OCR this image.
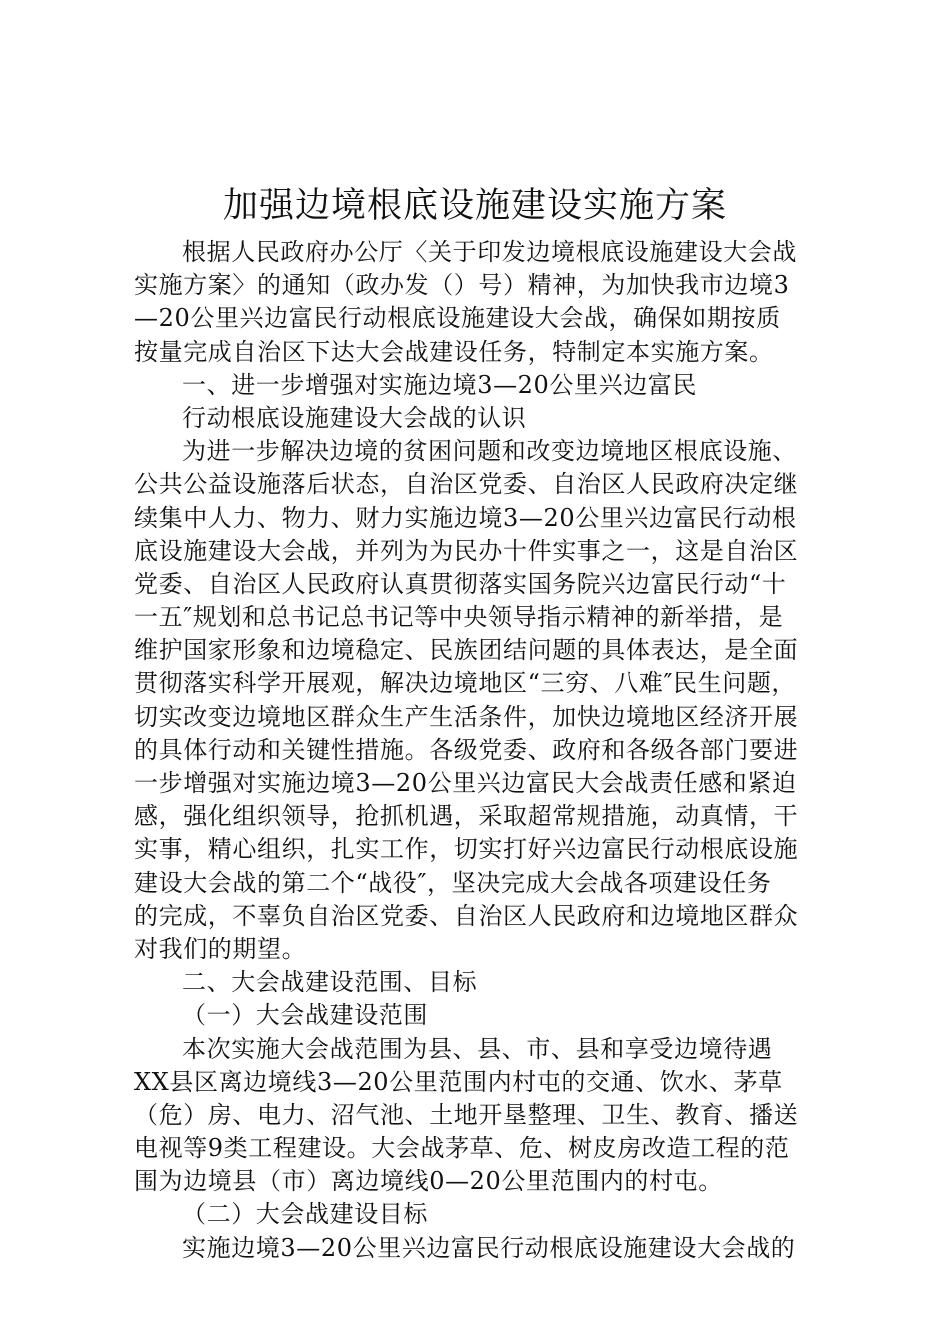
加强边境根底设施建设实施方案
根据人民政府办公厅〈关于印发边境根底设施建设大会战
实施方案〉的通知（政办发（）号）精神，为加快我市边境3
—20公里兴边富民行动根底设施建设大会战，确保如期按质
按量完成自治区下达大会战建设任务，特制定本实施方案。
一、进一步增强对实施边境3—20公里兴边富民
行动根底设施建设大会战的认识
为进一步解决边境的贫困问题和改变边境地区根底设施、
公共公益设施落后状态，自治区党委、自治区人民政府决定继
续集中人力、物力、财力实施边境3—20公里兴边富民行动根
底设施建设大会战，并列为为民办十件实事之一，这是自治区
党委、自治区人民政府认真贯彻落实国务院兴边富民行动“十
一五″规划和总书记总书记等中央领导指示精神的新举措，是
维护国家形象和边境稳定、民族团结问题的具体表达，是全面
贯彻落实科学开展观，解决边境地区“三穷、八难″民生问题，
切实改变边境地区群众生产生活条件，加快边境地区经济开展
的具体行动和关键性措施。各级党委、政府和各级各部门要进
一步增强对实施边境3—20公里兴边富民大会战责任感和紧迫
感，强化组织领导，抢抓机遇，采取超常规措施，动真情，干
实事，精心组织，扎实工作，切实打好兴边富民行动根底设施
建设大会战的第二个“战役″，坚决完成大会战各项建设任务
的完成，不辜负自治区党委、自治区人民政府和边境地区群众
对我们的期望。
二、大会战建设范围、目标
（一）大会战建设范围
本次实施大会战范围为县、县、市、县和享受边境待遇
XX县区离边境线3—20公里范围内村屯的交通、饮水、茅草
（危）房、电力、沼气池、土地开垦整理、卫生、教育、播送
电视等9类工程建设。大会战茅草、危、树皮房改造工程的范
围为边境县（市）离边境线0—20公里范围内的村屯。
（二）大会战建设目标
实施边境3—20公里兴边富民行动根底设施建设大会战的
